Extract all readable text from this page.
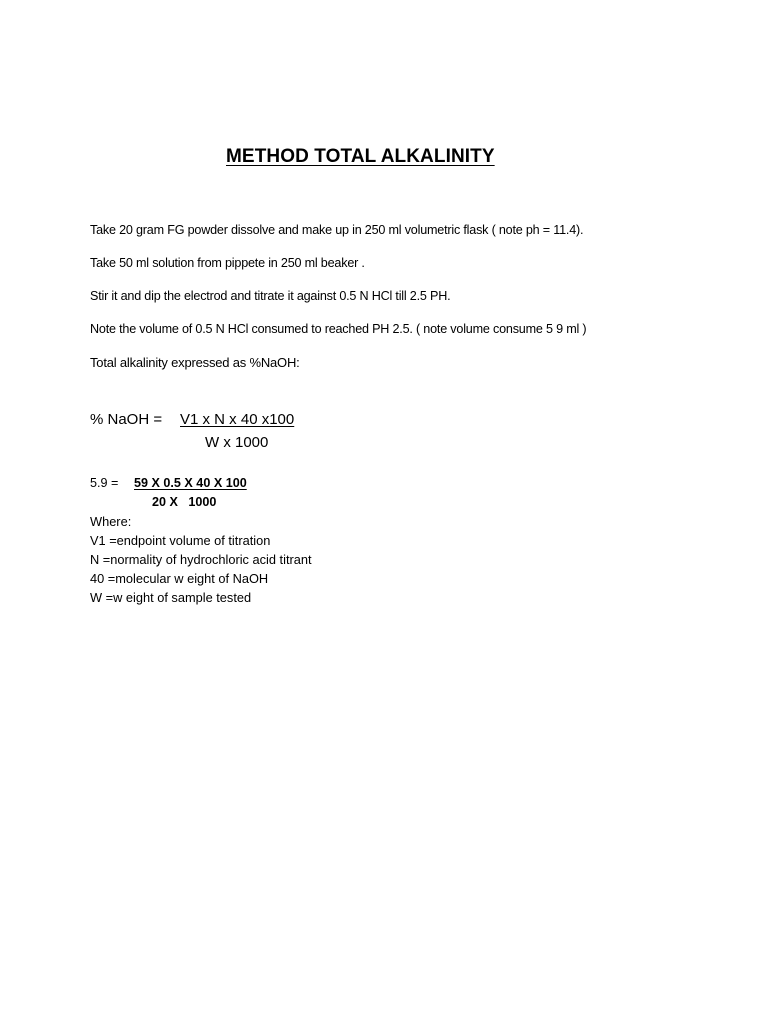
METHOD TOTAL ALKALINITY
Take 20 gram FG powder dissolve and make up in 250 ml volumetric flask ( note ph = 11.4).
Take 50 ml solution from pippete in 250 ml beaker .
Stir it and dip the electrod and titrate it against 0.5 N HCl till 2.5 PH.
Note the volume of 0.5 N HCl consumed to reached PH 2.5. ( note volume consume 5 9 ml )
Total alkalinity expressed as %NaOH:
% NaOH = V1 x N x 40 x100
W x 1000
5.9 = 59 X 0.5 X 40 X 100
20 X   1000
Where:
V1 =endpoint volume of titration
N =normality of hydrochloric acid titrant
40 =molecular w eight of NaOH
W =w eight of sample tested
